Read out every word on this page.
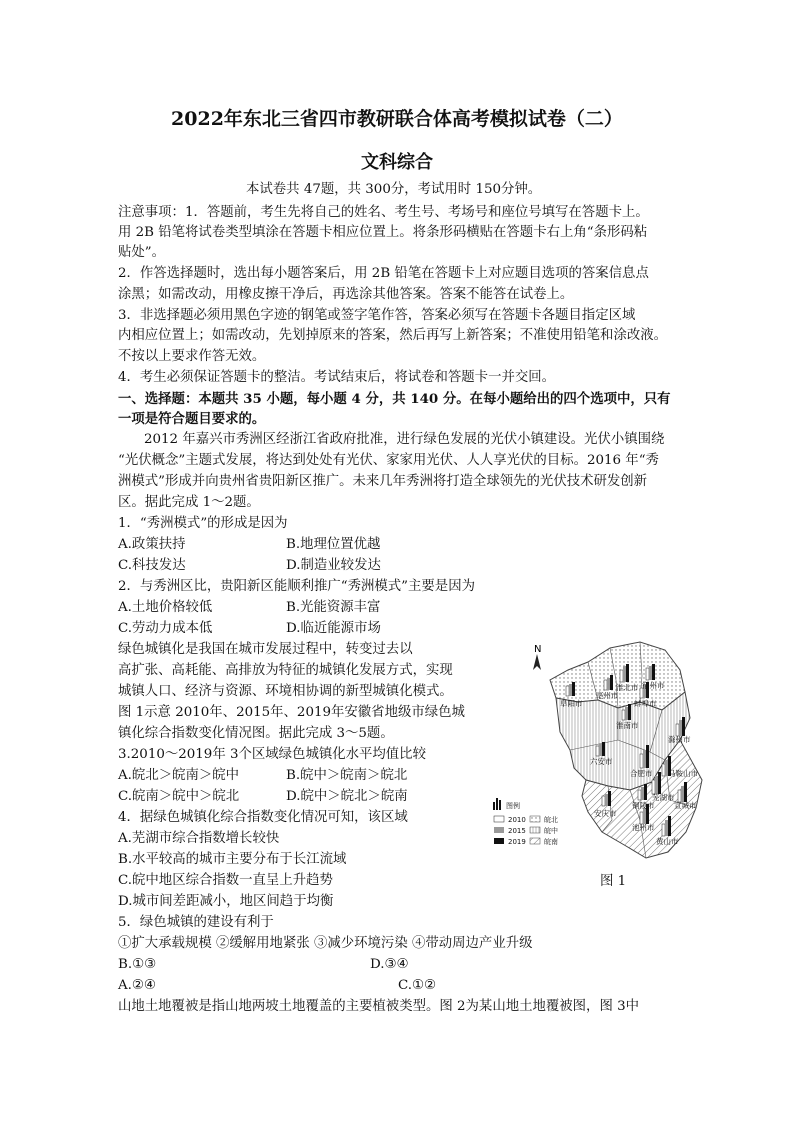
2022年东北三省四市教研联合体高考模拟试卷（二）
文科综合
本试卷共 47题，共 300分，考试用时 150分钟。
注意事项：1．答题前，考生先将自己的姓名、考生号、考场号和座位号填写在答题卡上。
用 2B 铅笔将试卷类型填涂在答题卡相应位置上。将条形码横贴在答题卡右上角“条形码粘
贴处”。
2．作答选择题时，选出每小题答案后，用 2B 铅笔在答题卡上对应题目选项的答案信息点
涂黑；如需改动，用橡皮擦干净后，再选涂其他答案。答案不能答在试卷上。
3．非选择题必须用黑色字迹的钢笔或签字笔作答，答案必须写在答题卡各题目指定区域
内相应位置上；如需改动，先划掉原来的答案，然后再写上新答案；不准使用铅笔和涂改液。
不按以上要求作答无效。
4．考生必须保证答题卡的整洁。考试结束后，将试卷和答题卡一并交回。
一、选择题：本题共 35 小题，每小题 4 分，共 140 分。在每小题给出的四个选项中，只有
一项是符合题目要求的。
2012 年嘉兴市秀洲区经浙江省政府批准，进行绿色发展的光伏小镇建设。光伏小镇围绕
“光伏概念”主题式发展，将达到处处有光伏、家家用光伏、人人享光伏的目标。2016 年“秀
洲模式”形成并向贵州省贵阳新区推广。未来几年秀洲将打造全球领先的光伏技术研发创新
区。据此完成 1～2题。
1．“秀洲模式”的形成是因为
A.政策扶持	B.地理位置优越
C.科技发达	D.制造业较发达
2．与秀洲区比，贵阳新区能顺利推广“秀洲模式”主要是因为
A.土地价格较低	B.光能资源丰富
C.劳动力成本低	D.临近能源市场
绿色城镇化是我国在城市发展过程中，转变过去以
高扩张、高耗能、高排放为特征的城镇化发展方式，实现
城镇人口、经济与资源、环境相协调的新型城镇化模式。
图 1示意 2010年、2015年、2019年安徽省地级市绿色城
镇化综合指数变化情况图。据此完成 3～5题。
3.2010～2019年 3个区域绿色城镇化水平均值比较
A.皖北＞皖南＞皖中	B.皖中＞皖南＞皖北
C.皖南＞皖中＞皖北	D.皖中＞皖北＞皖南
4．据绿色城镇化综合指数变化情况可知，该区域
A.芜湖市综合指数增长较快
B.水平较高的城市主要分布于长江流域
C.皖中地区综合指数一直呈上升趋势
D.城市间差距减小，地区间趋于均衡
5．绿色城镇的建设有利于
①扩大承载规模 ②缓解用地紧张 ③减少环境污染 ④带动周边产业升级
B.①③	D.③④
A.②④	C.①②
山地土地覆被是指山地两坡土地覆盖的主要植被类型。图 2为某山地土地覆被图，图 3中
N
淮北市 宿州市
亳州市
蚌埠市
阜阳市
淮南市
滁州市
六安市
合肥市 马鞍山市
芜湖市
铜陵市
安庆市
池州市
宣城市
黄山市
图例
2010
2015
2019
皖北
皖中
皖南
图 1
